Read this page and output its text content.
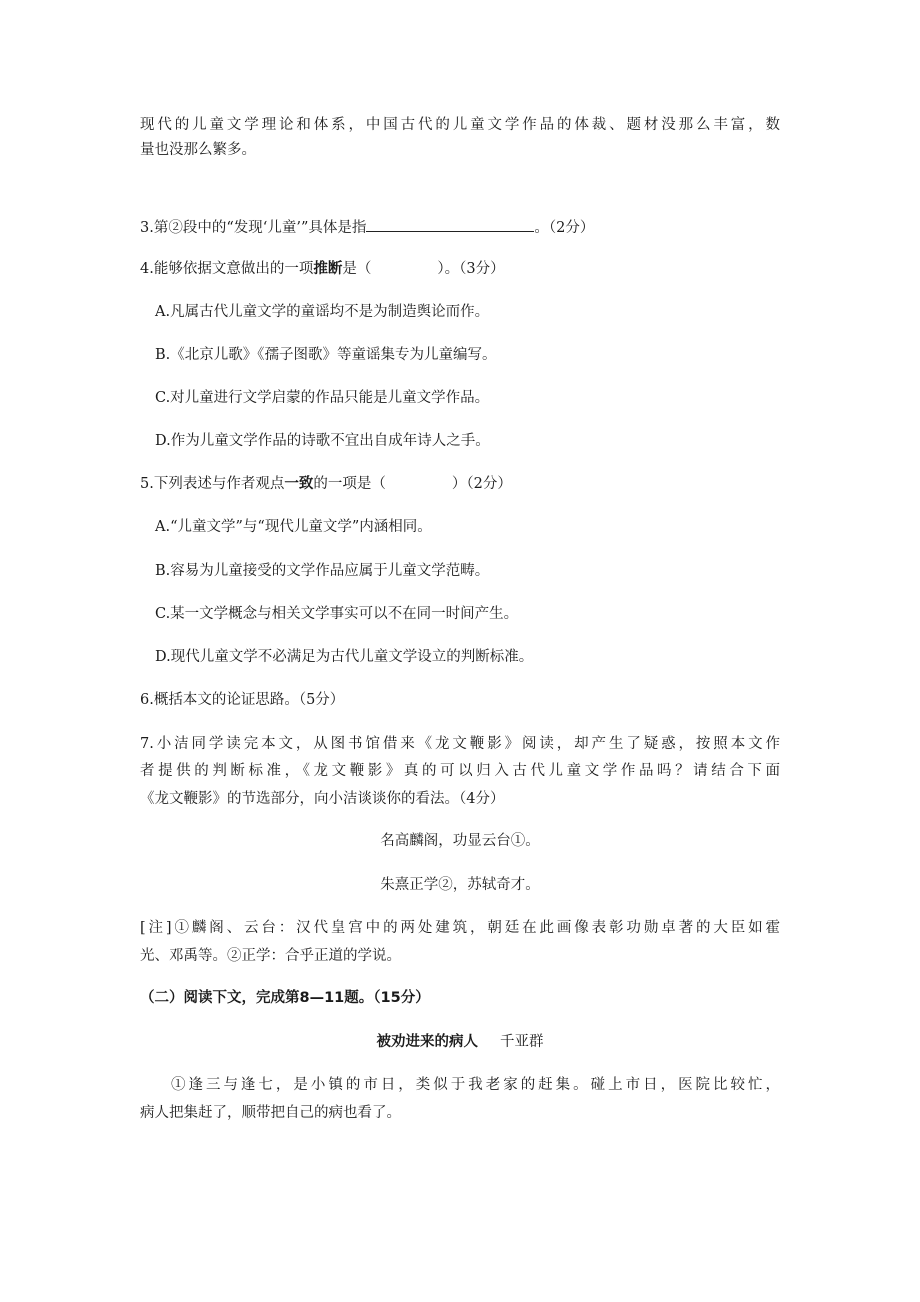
现代的儿童文学理论和体系，中国古代的儿童文学作品的体裁、题材没那么丰富，数
量也没那么繁多。
3.第②段中的“发现‘儿童’”具体是指	。（2分）
4.能够依据文意做出的一项推断是（	）。（3分）
A.凡属古代儿童文学的童谣均不是为制造舆论而作。
B.《北京儿歌》《孺子图歌》等童谣集专为儿童编写。
C.对儿童进行文学启蒙的作品只能是儿童文学作品。
D.作为儿童文学作品的诗歌不宜出自成年诗人之手。
5.下列表述与作者观点一致的一项是（	）（2分）
A.“儿童文学”与“现代儿童文学”内涵相同。
B.容易为儿童接受的文学作品应属于儿童文学范畴。
C.某一文学概念与相关文学事实可以不在同一时间产生。
D.现代儿童文学不必满足为古代儿童文学设立的判断标准。
6.概括本文的论证思路。（5分）
7.小洁同学读完本文，从图书馆借来《龙文鞭影》阅读，却产生了疑惑，按照本文作
者提供的判断标准，《龙文鞭影》真的可以归入古代儿童文学作品吗？请结合下面
《龙文鞭影》的节选部分，向小洁谈谈你的看法。（4分）
名高麟阁，功显云台①。
朱熹正学②，苏轼奇才。
[注]①麟阁、云台：汉代皇宫中的两处建筑，朝廷在此画像表彰功勋卓著的大臣如霍
光、邓禹等。②正学：合乎正道的学说。
（二）阅读下文，完成第8—11题。（15分）
被劝进来的病人 千亚群
①逢三与逢七，是小镇的市日，类似于我老家的赶集。碰上市日，医院比较忙，
病人把集赶了，顺带把自己的病也看了。
